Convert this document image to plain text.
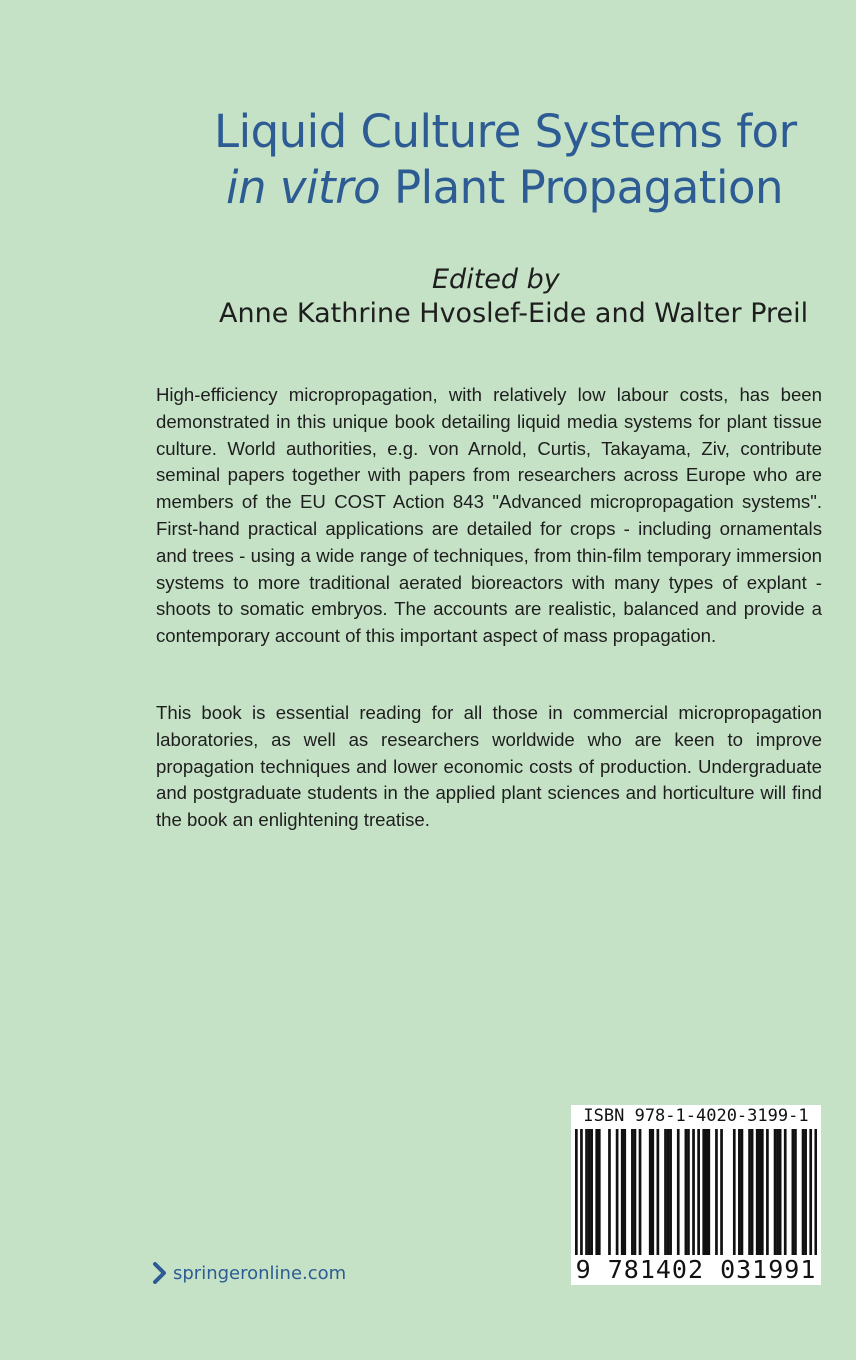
Liquid Culture Systems for
in vitro Plant Propagation
Edited by
Anne Kathrine Hvoslef-Eide and Walter Preil

High-efficiency micropropagation, with relatively low labour costs, has been demonstrated in this unique book detailing liquid media systems for plant tissue culture. World authorities, e.g. von Arnold, Curtis, Takayama, Ziv, contribute seminal papers together with papers from researchers across Europe who are members of the EU COST Action 843 "Advanced micropropagation systems". First-hand practical applications are detailed for crops - including ornamentals and trees - using a wide range of techniques, from thin-film temporary immersion systems to more traditional aerated bioreactors with many types of explant - shoots to somatic embryos. The accounts are realistic, balanced and provide a contemporary account of this important aspect of mass propagation.

This book is essential reading for all those in commercial micropropagation laboratories, as well as researchers worldwide who are keen to improve propagation techniques and lower economic costs of production. Undergraduate and postgraduate students in the applied plant sciences and horticulture will find the book an enlightening treatise.

ISBN 978-1-4020-3199-1
9 781402 031991
springeronline.com
